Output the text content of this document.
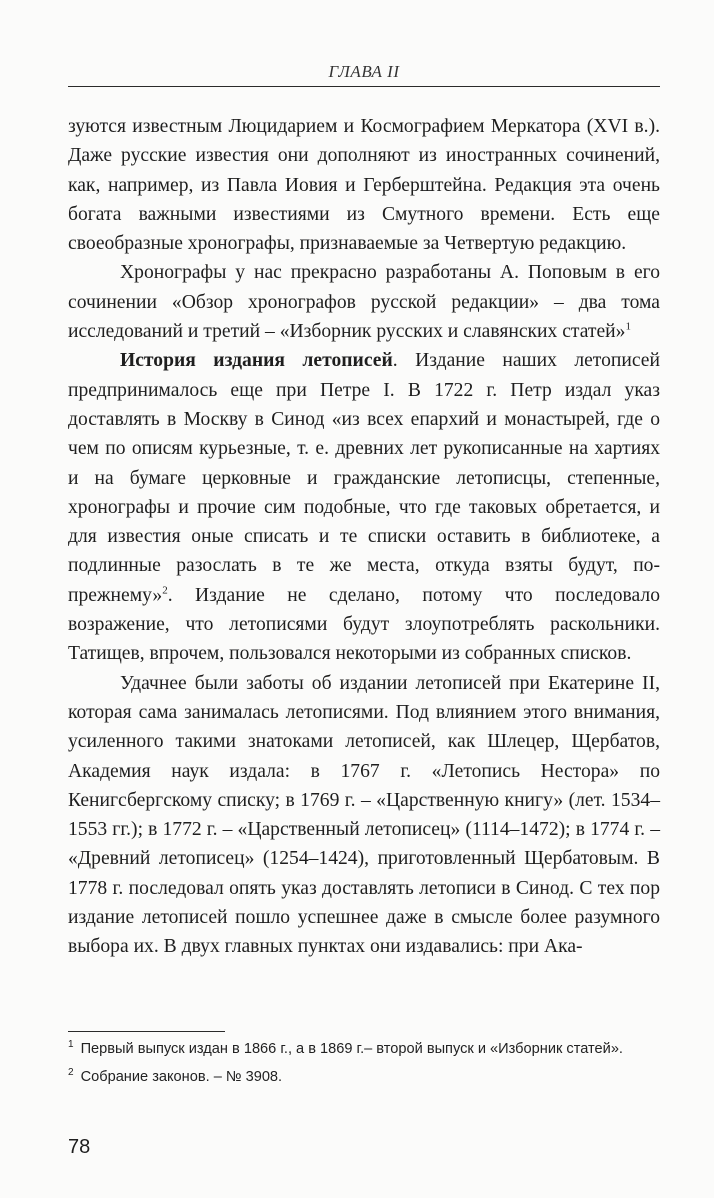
ГЛАВА II

зуются известным Люцидарием и Космографием Меркатора (XVI в.). Даже русские известия они дополняют из иностранных сочинений, как, например, из Павла Иовия и Герберштейна. Редакция эта очень богата важными известиями из Смутного времени. Есть еще своеобразные хронографы, признаваемые за Четвертую редакцию.

Хронографы у нас прекрасно разработаны А. Поповым в его сочинении «Обзор хронографов русской редакции» – два тома исследований и третий – «Изборник русских и славянских статей»$^1$

История издания летописей. Издание наших летописей предпринималось еще при Петре I. В 1722 г. Петр издал указ доставлять в Москву в Синод «из всех епархий и монастырей, где о чем по описям курьезные, т. е. древних лет рукописанные на хартиях и на бумаге церковные и гражданские летописцы, степенные, хронографы и прочие сим подобные, что где таковых обретается, и для известия оные списать и те списки оставить в библиотеке, а подлинные разослать в те же места, откуда взяты будут, по-прежнему»$^2$. Издание не сделано, потому что последовало возражение, что летописями будут злоупотреблять раскольники. Татищев, впрочем, пользовался некоторыми из собранных списков.

Удачнее были заботы об издании летописей при Екатерине II, которая сама занималась летописями. Под влиянием этого внимания, усиленного такими знатоками летописей, как Шлецер, Щербатов, Академия наук издала: в 1767 г. «Летопись Нестора» по Кенигсбергскому списку; в 1769 г. – «Царственную книгу» (лет. 1534–1553 гг.); в 1772 г. – «Царственный летописец» (1114–1472); в 1774 г. – «Древний летописец» (1254–1424), приготовленный Щербатовым. В 1778 г. последовал опять указ доставлять летописи в Синод. С тех пор издание летописей пошло успешнее даже в смысле более разумного выбора их. В двух главных пунктах они издавались: при Ака-

$^1$ Первый выпуск издан в 1866 г., а в 1869 г.– второй выпуск и «Изборник статей».

$^2$ Собрание законов. – № 3908.

78
